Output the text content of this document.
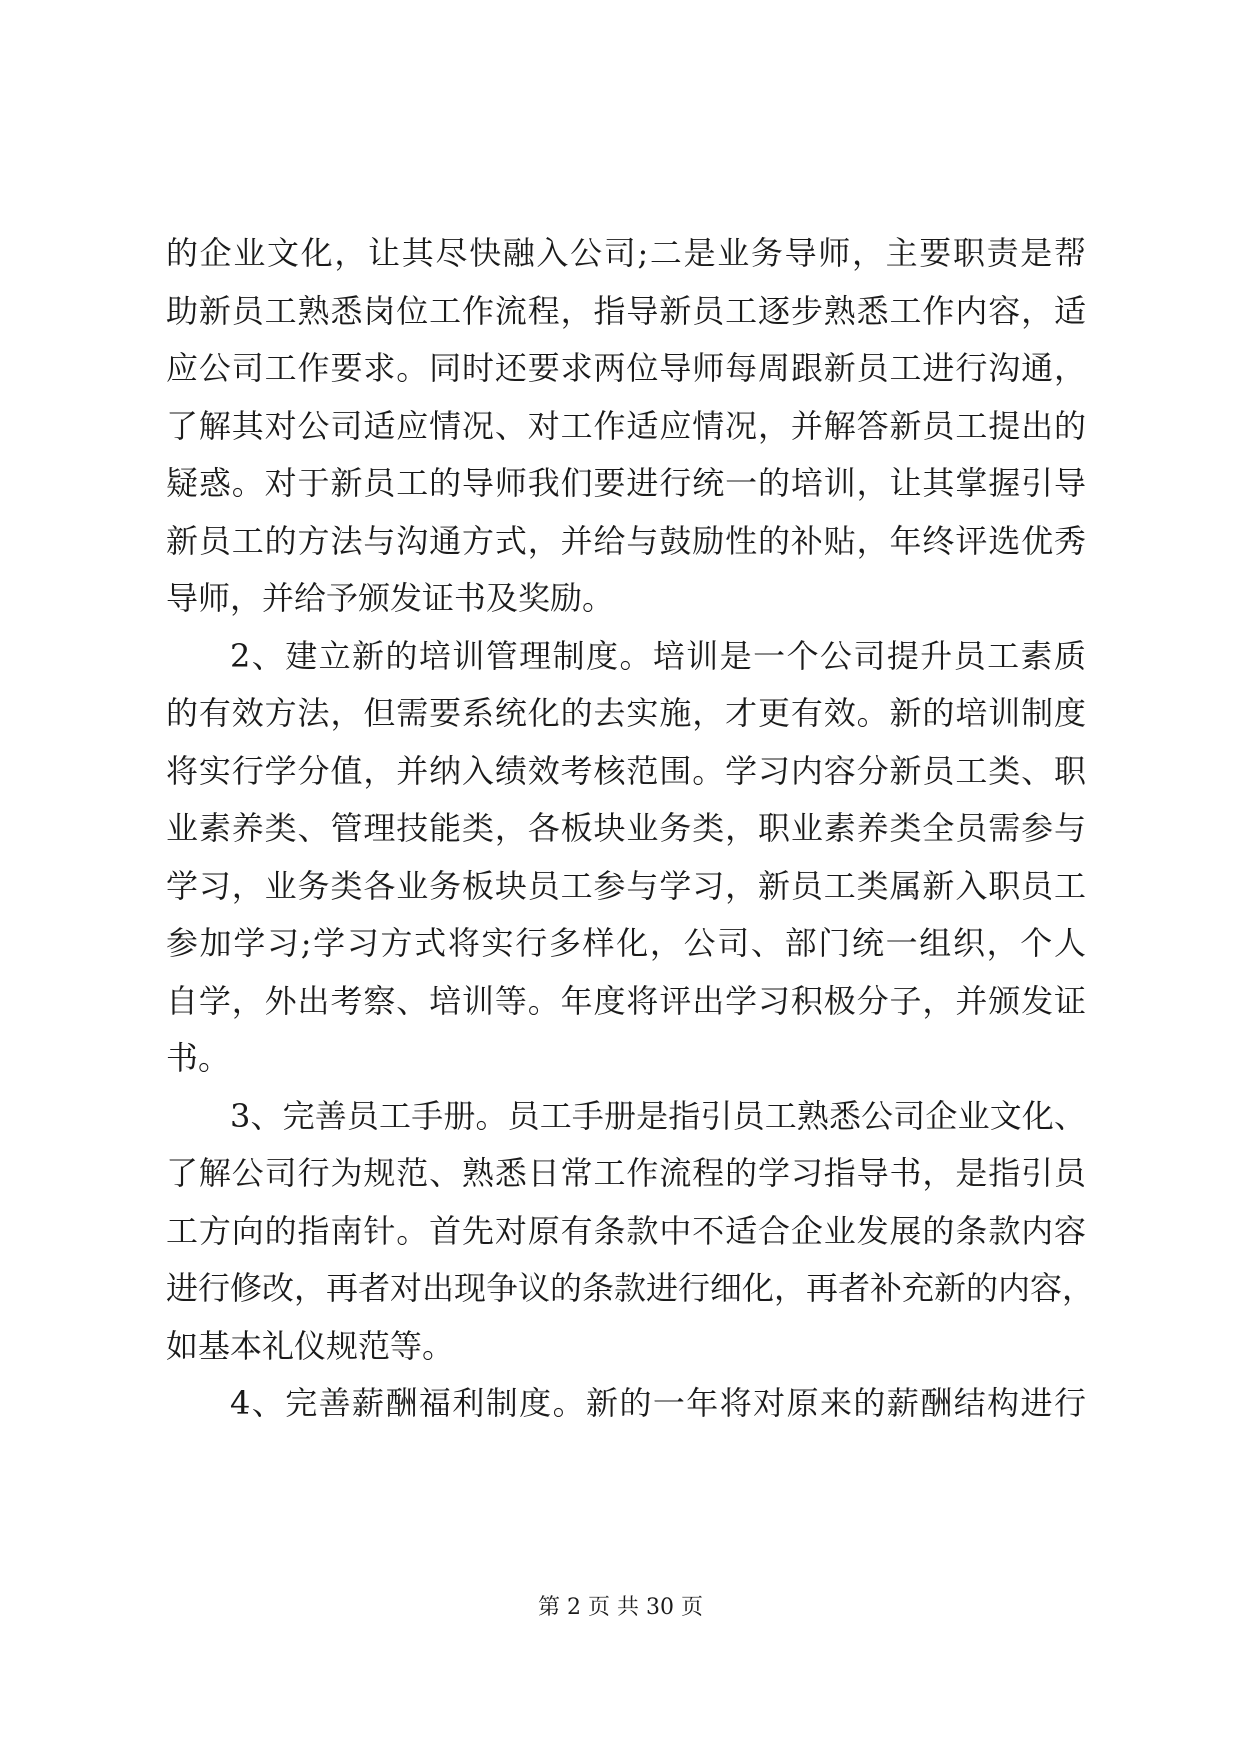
的企业文化，让其尽快融入公司;二是业务导师，主要职责是帮
助新员工熟悉岗位工作流程，指导新员工逐步熟悉工作内容，适
应公司工作要求。同时还要求两位导师每周跟新员工进行沟通，
了解其对公司适应情况、对工作适应情况，并解答新员工提出的
疑惑。对于新员工的导师我们要进行统一的培训，让其掌握引导
新员工的方法与沟通方式，并给与鼓励性的补贴，年终评选优秀
导师，并给予颁发证书及奖励。
2、建立新的培训管理制度。培训是一个公司提升员工素质
的有效方法，但需要系统化的去实施，才更有效。新的培训制度
将实行学分值，并纳入绩效考核范围。学习内容分新员工类、职
业素养类、管理技能类，各板块业务类，职业素养类全员需参与
学习，业务类各业务板块员工参与学习，新员工类属新入职员工
参加学习;学习方式将实行多样化，公司、部门统一组织，个人
自学，外出考察、培训等。年度将评出学习积极分子，并颁发证
书。
3、完善员工手册。员工手册是指引员工熟悉公司企业文化、
了解公司行为规范、熟悉日常工作流程的学习指导书，是指引员
工方向的指南针。首先对原有条款中不适合企业发展的条款内容
进行修改，再者对出现争议的条款进行细化，再者补充新的内容，
如基本礼仪规范等。
4、完善薪酬福利制度。新的一年将对原来的薪酬结构进行
第 2 页 共 30 页
